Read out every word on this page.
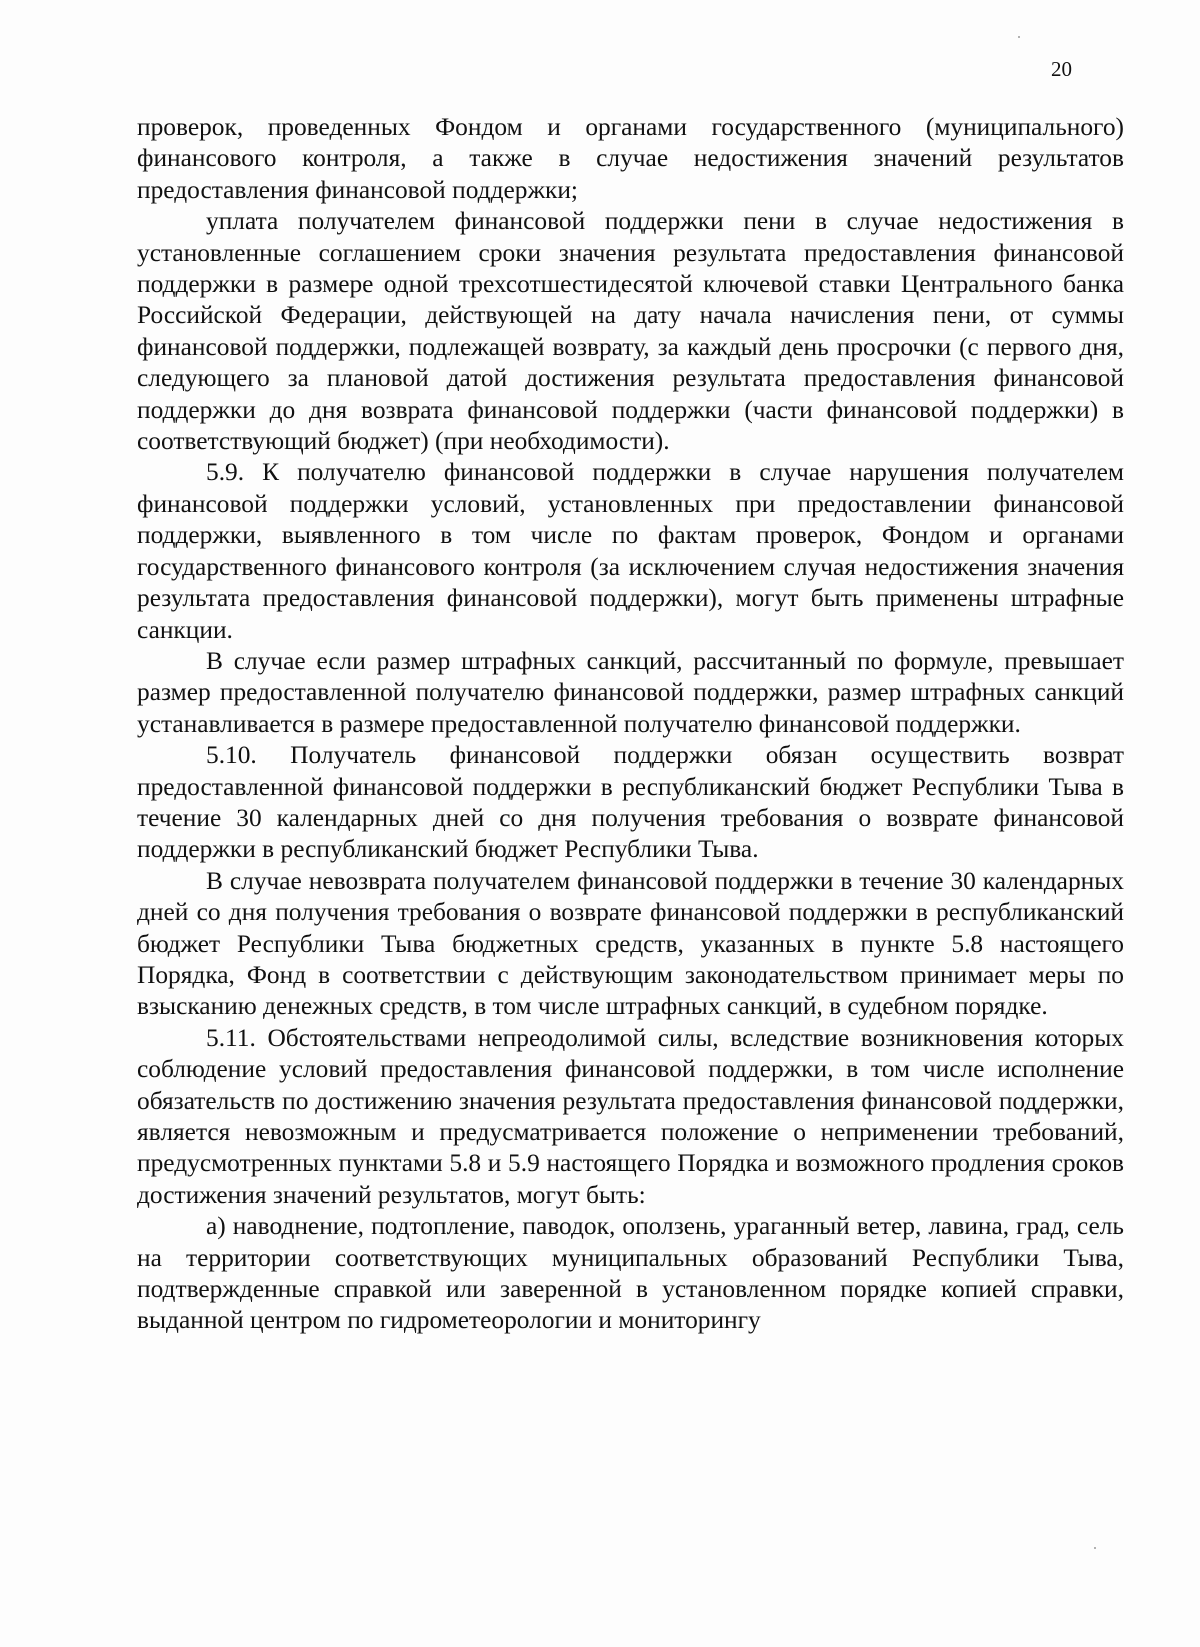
20

проверок, проведенных Фондом и органами государственного (муниципального) финансового контроля, а также в случае недостижения значений результатов предоставления финансовой поддержки;

уплата получателем финансовой поддержки пени в случае недостижения в установленные соглашением сроки значения результата предоставления финансовой поддержки в размере одной трехсотшестидесятой ключевой ставки Центрального банка Российской Федерации, действующей на дату начала начисления пени, от суммы финансовой поддержки, подлежащей возврату, за каждый день просрочки (с первого дня, следующего за плановой датой достижения результата предоставления финансовой поддержки до дня возврата финансовой поддержки (части финансовой поддержки) в соответствующий бюджет) (при необходимости).

5.9. К получателю финансовой поддержки в случае нарушения получателем финансовой поддержки условий, установленных при предоставлении финансовой поддержки, выявленного в том числе по фактам проверок, Фондом и органами государственного финансового контроля (за исключением случая недостижения значения результата предоставления финансовой поддержки), могут быть применены штрафные санкции.

В случае если размер штрафных санкций, рассчитанный по формуле, превышает размер предоставленной получателю финансовой поддержки, размер штрафных санкций устанавливается в размере предоставленной получателю финансовой поддержки.

5.10. Получатель финансовой поддержки обязан осуществить возврат предоставленной финансовой поддержки в республиканский бюджет Республики Тыва в течение 30 календарных дней со дня получения требования о возврате финансовой поддержки в республиканский бюджет Республики Тыва.

В случае невозврата получателем финансовой поддержки в течение 30 календарных дней со дня получения требования о возврате финансовой поддержки в республиканский бюджет Республики Тыва бюджетных средств, указанных в пункте 5.8 настоящего Порядка, Фонд в соответствии с действующим законодательством принимает меры по взысканию денежных средств, в том числе штрафных санкций, в судебном порядке.

5.11. Обстоятельствами непреодолимой силы, вследствие возникновения которых соблюдение условий предоставления финансовой поддержки, в том числе исполнение обязательств по достижению значения результата предоставления финансовой поддержки, является невозможным и предусматривается положение о неприменении требований, предусмотренных пунктами 5.8 и 5.9 настоящего Порядка и возможного продления сроков достижения значений результатов, могут быть:

а) наводнение, подтопление, паводок, оползень, ураганный ветер, лавина, град, сель на территории соответствующих муниципальных образований Республики Тыва, подтвержденные справкой или заверенной в установленном порядке копией справки, выданной центром по гидрометеорологии и мониторингу
